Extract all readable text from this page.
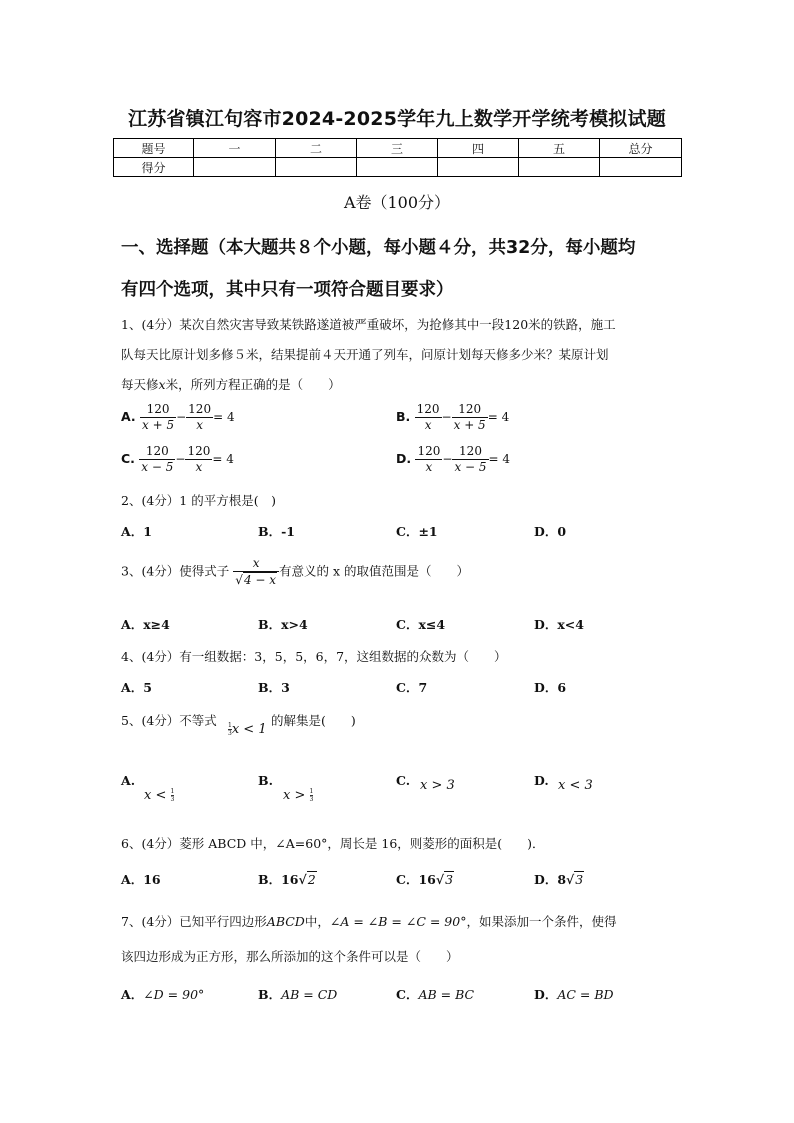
江苏省镇江句容市2024-2025学年九上数学开学统考模拟试题
题号	一	二	三	四	五	总分
得分						
A卷（100分）
一、选择题（本大题共８个小题，每小题４分，共32分，每小题均
有四个选项，其中只有一项符合题目要求）
1、(4分）某次自然灾害导致某铁路遂道被严重破坏，为抢修其中一段120米的铁路，施工
队每天比原计划多修５米，结果提前４天开通了列车，问原计划每天修多少米？某原计划
每天修x米，所列方程正确的是（　　）
A. $\frac{120}{x + 5} - \frac{120}{x} = 4$	B. $\frac{120}{x} - \frac{120}{x + 5} = 4$
C. $\frac{120}{x - 5} - \frac{120}{x} = 4$	D. $\frac{120}{x} - \frac{120}{x - 5} = 4$
2、(4分）1 的平方根是(　)
A．1	B．-1	C．±1	D．0
3、(4分）使得式子 $\frac{x}{√4 - x}$ 有意义的 x 的取值范围是（　　）
A．x≥4	B．x>4	C．x≤4	D．x<4
4、(4分）有一组数据：3，5，5，6，7，这组数据的众数为（　　）
A．5	B．3	C．7	D．6
5、(4分）不等式
$\frac{1}{3}x < 1$
的解集是(　　)
A.
$x < \frac{1}{3}$
B.
$x > \frac{1}{3}$
C. x > 3	D. x < 3
6、(4分）菱形 ABCD 中，∠A=60°，周长是 16，则菱形的面积是(　　)．
A．16	B．16√2	C．16√3	D．8√3
7、(4分）已知平行四边形ABCD中，∠A = ∠B = ∠C = 90°，如果添加一个条件，使得
该四边形成为正方形，那么所添加的这个条件可以是（　　）
A．∠D = 90°	B．AB = CD	C．AB = BC	D．AC = BD
